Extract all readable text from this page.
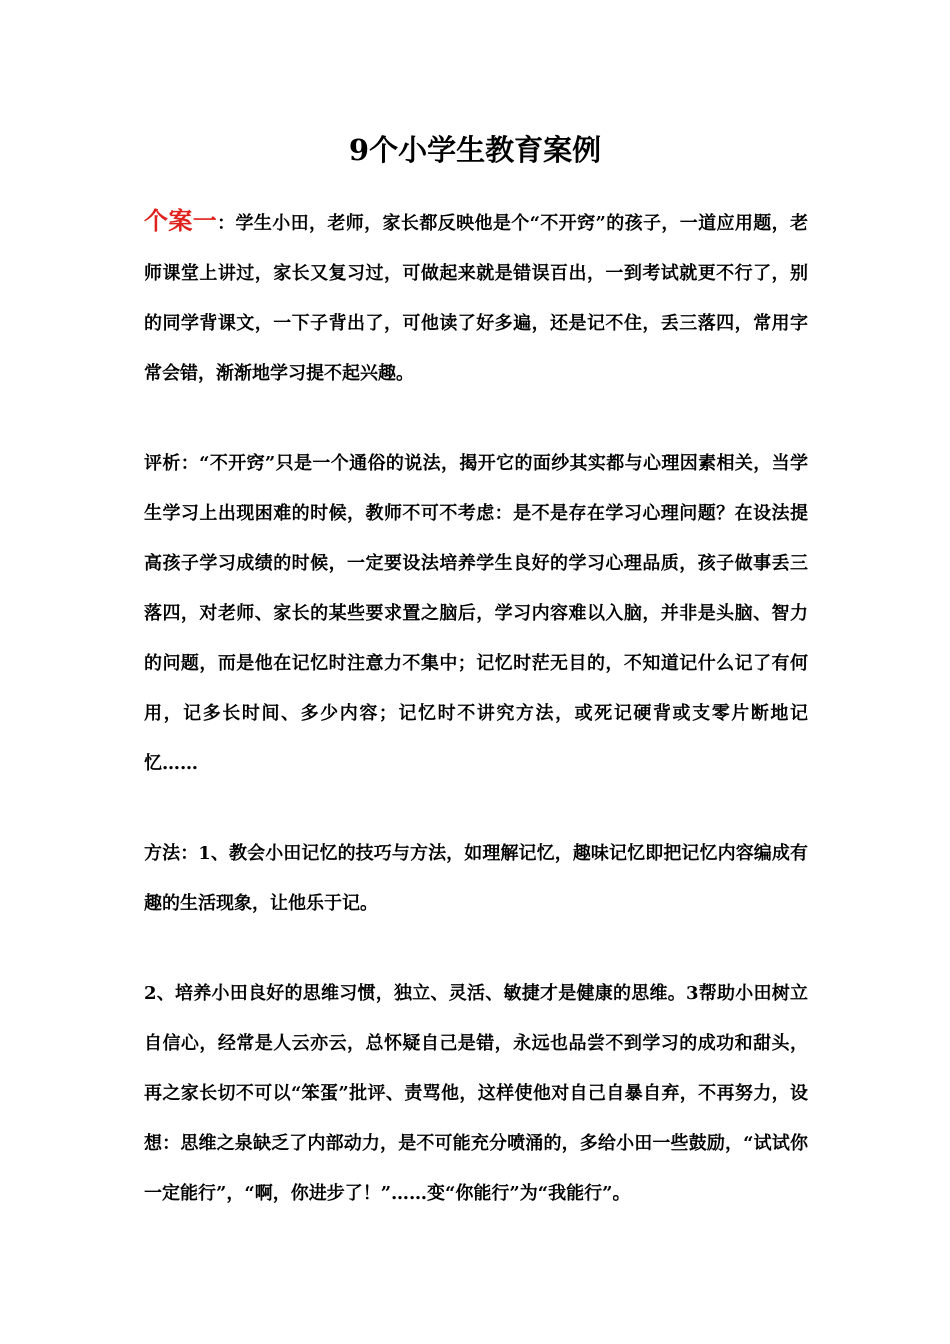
9个小学生教育案例

个案一：学生小田，老师，家长都反映他是个“不开窍”的孩子，一道应用题，老师课堂上讲过，家长又复习过，可做起来就是错误百出，一到考试就更不行了，别的同学背课文，一下子背出了，可他读了好多遍，还是记不住，丢三落四，常用字常会错，渐渐地学习提不起兴趣。

评析：“不开窍”只是一个通俗的说法，揭开它的面纱其实都与心理因素相关，当学生学习上出现困难的时候，教师不可不考虑：是不是存在学习心理问题？在设法提高孩子学习成绩的时候，一定要设法培养学生良好的学习心理品质，孩子做事丢三落四，对老师、家长的某些要求置之脑后，学习内容难以入脑，并非是头脑、智力的问题，而是他在记忆时注意力不集中；记忆时茫无目的，不知道记什么记了有何用，记多长时间、多少内容；记忆时不讲究方法，或死记硬背或支零片断地记忆……

方法：1、教会小田记忆的技巧与方法，如理解记忆，趣味记忆即把记忆内容编成有趣的生活现象，让他乐于记。

2、培养小田良好的思维习惯，独立、灵活、敏捷才是健康的思维。3帮助小田树立自信心，经常是人云亦云，总怀疑自己是错，永远也品尝不到学习的成功和甜头，再之家长切不可以“笨蛋”批评、责骂他，这样使他对自己自暴自弃，不再努力，设想：思维之泉缺乏了内部动力，是不可能充分喷涌的，多给小田一些鼓励，“试试你一定能行”，“啊，你进步了！”……变“你能行”为“我能行”。
